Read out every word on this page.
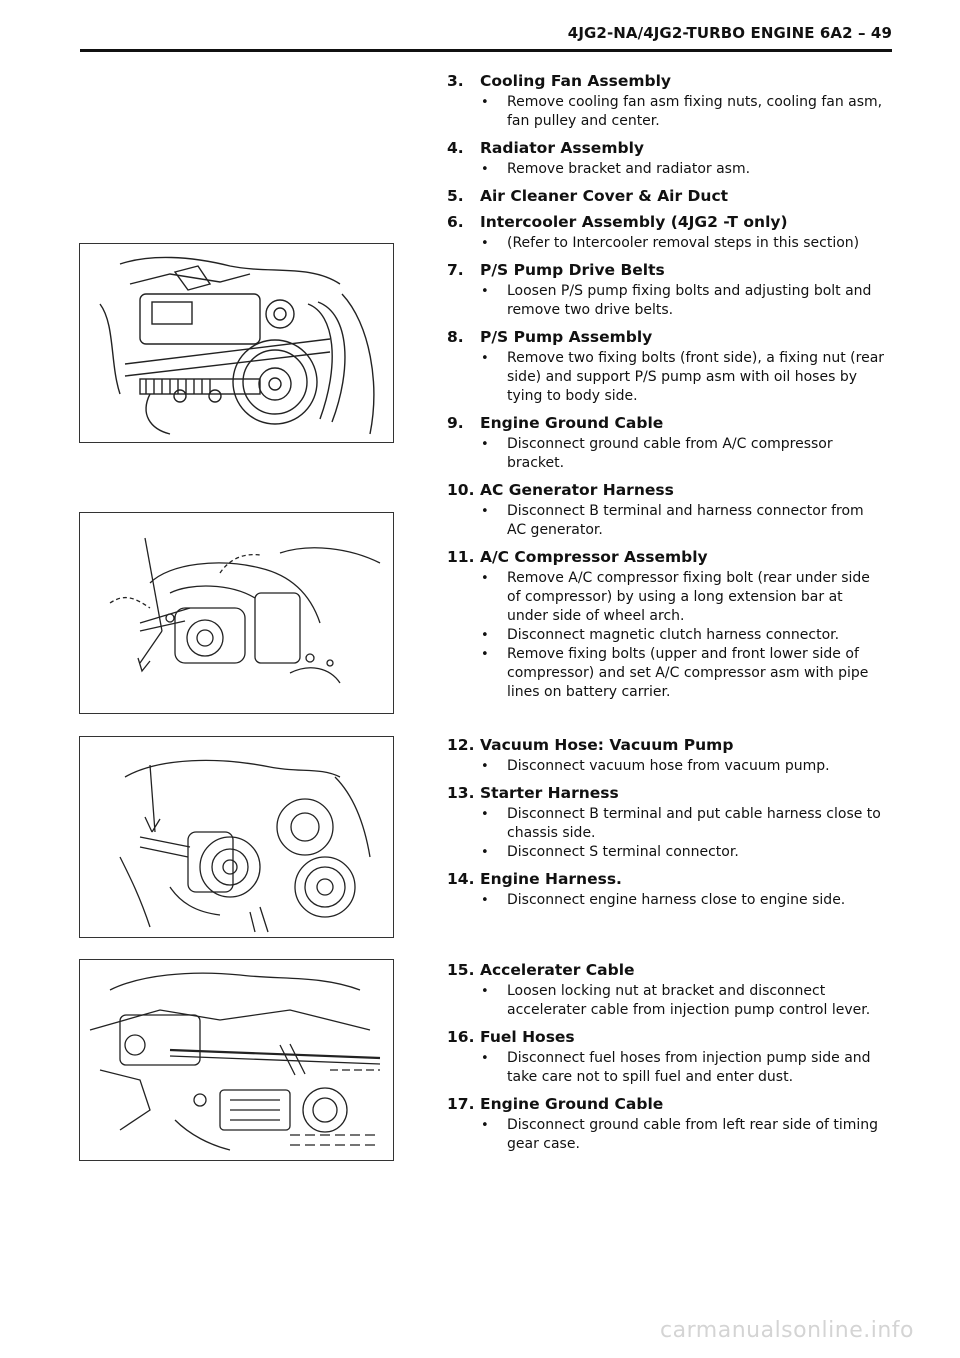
4JG2-NA/4JG2-TURBO ENGINE 6A2 – 49
3.	Cooling Fan Assembly
• Remove cooling fan asm fixing nuts, cooling fan asm, fan pulley and center.
4.	Radiator Assembly
• Remove bracket and radiator asm.
5.	Air Cleaner Cover & Air Duct
6.	Intercooler Assembly (4JG2 -T only)
• (Refer to Intercooler removal steps in this section)
7.	P/S Pump Drive Belts
• Loosen P/S pump fixing bolts and adjusting bolt and remove two drive belts.
8.	P/S Pump Assembly
• Remove two fixing bolts (front side), a fixing nut (rear side) and support P/S pump asm with oil hoses by tying to body side.
9.	Engine Ground Cable
• Disconnect ground cable from A/C compressor bracket.
10. AC Generator Harness
• Disconnect B terminal and harness connector from AC generator.
11. A/C Compressor Assembly
• Remove A/C compressor fixing bolt (rear under side of compressor) by using a long extension bar at under side of wheel arch.
• Disconnect magnetic clutch harness connector.
• Remove fixing bolts (upper and front lower side of compressor) and set A/C compressor asm with pipe lines on battery carrier.
12. Vacuum Hose: Vacuum Pump
• Disconnect vacuum hose from vacuum pump.
13. Starter Harness
• Disconnect B terminal and put cable harness close to chassis side.
• Disconnect S terminal connector.
14. Engine Harness.
• Disconnect engine harness close to engine side.
15. Accelerater Cable
• Loosen locking nut at bracket and disconnect accelerater cable from injection pump control lever.
16. Fuel Hoses
• Disconnect fuel hoses from injection pump side and take care not to spill fuel and enter dust.
17. Engine Ground Cable
• Disconnect ground cable from left rear side of timing gear case.
carmanualsonline.info
